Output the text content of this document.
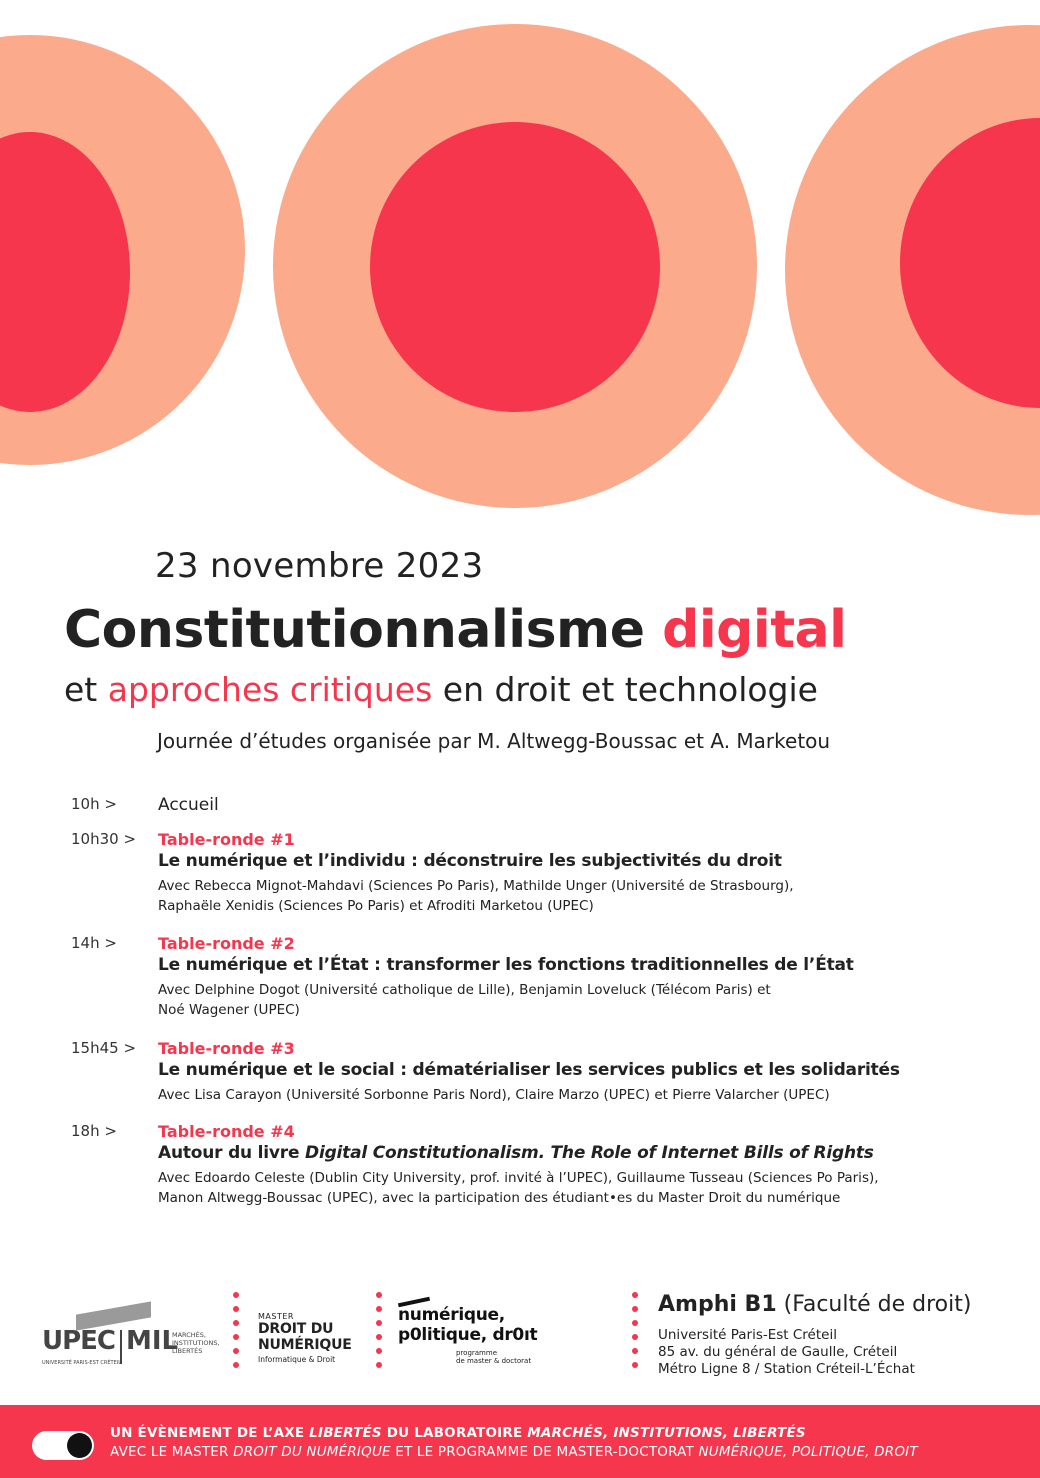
23 novembre 2023
Constitutionnalisme digital
et approches critiques en droit et technologie
Journée d’études organisée par M. Altwegg-Boussac et A. Marketou
10h > Accueil
10h30 > Table-ronde #1
Le numérique et l’individu : déconstruire les subjectivités du droit
Avec Rebecca Mignot-Mahdavi (Sciences Po Paris), Mathilde Unger (Université de Strasbourg),
Raphaële Xenidis (Sciences Po Paris) et Afroditi Marketou (UPEC)
14h >	Table-ronde #2
Le numérique et l’État : transformer les fonctions traditionnelles de l’État
Avec Delphine Dogot (Université catholique de Lille), Benjamin Loveluck (Télécom Paris) et
Noé Wagener (UPEC)
15h45 > Table-ronde #3
Le numérique et le social : dématérialiser les services publics et les solidarités
Avec Lisa Carayon (Université Sorbonne Paris Nord), Claire Marzo (UPEC) et Pierre Valarcher (UPEC)
18h >	Table-ronde #4
Autour du livre Digital Constitutionalism. The Role of Internet Bills of Rights
Avec Edoardo Celeste (Dublin City University, prof. invité à l’UPEC), Guillaume Tusseau (Sciences Po Paris),
Manon Altwegg-Boussac (UPEC), avec la participation des étudiant•es du Master Droit du numérique
UPEC MIL
MARCHÉS, INSTITUTIONS, LIBERTÉS
UNIVERSITÉ PARIS-EST CRÉTEIL
MASTER
DROIT DU
NUMÉRIQUE
Informatique & Droit
numérique,
p0litique, dr0ıt
programme
de master & doctorat
Amphi B1 (Faculté de droit)
Université Paris-Est Créteil
85 av. du général de Gaulle, Créteil
Métro Ligne 8 / Station Créteil-L’Échat
UN ÉVÈNEMENT DE L’AXE LIBERTÉS DU LABORATOIRE MARCHÉS, INSTITUTIONS, LIBERTÉS
AVEC LE MASTER DROIT DU NUMÉRIQUE ET LE PROGRAMME DE MASTER-DOCTORAT NUMÉRIQUE, POLITIQUE, DROIT
